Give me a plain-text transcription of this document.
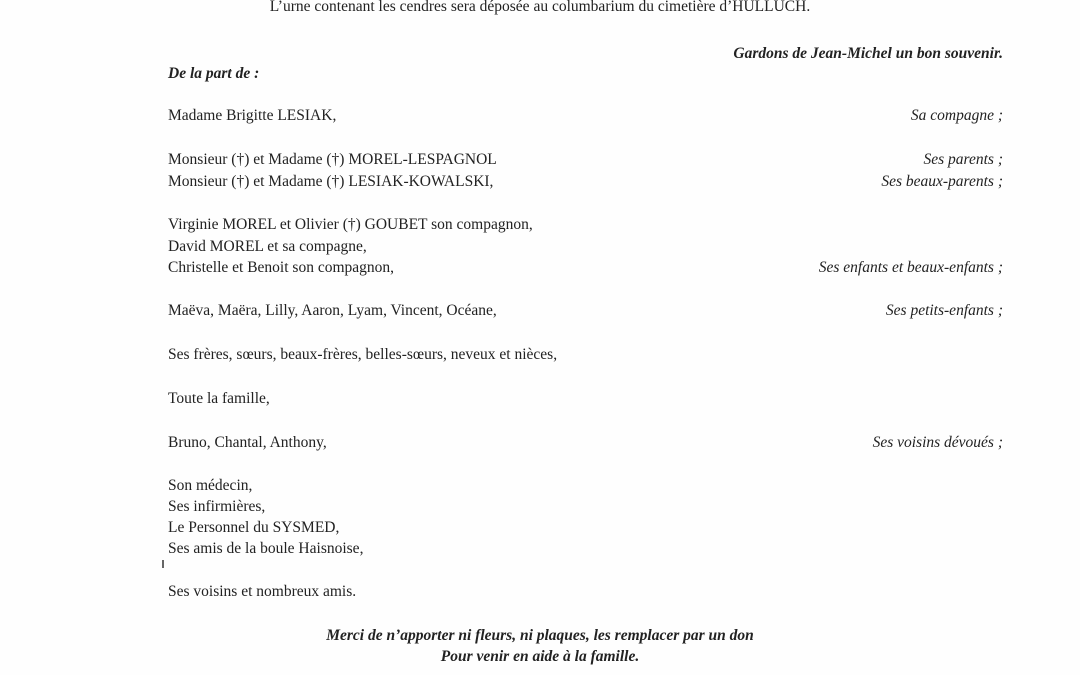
L’urne contenant les cendres sera déposée au columbarium du cimetière d’HULLUCH.
Gardons de Jean-Michel un bon souvenir.
De la part de :
Madame Brigitte LESIAK,	Sa compagne ;
Monsieur (†) et Madame (†) MOREL-LESPAGNOL	Ses parents ;
Monsieur (†) et Madame (†) LESIAK-KOWALSKI,	Ses beaux-parents ;
Virginie MOREL et Olivier (†) GOUBET son compagnon,
David MOREL et sa compagne,
Christelle et Benoit son compagnon,	Ses enfants et beaux-enfants ;
Maëva, Maëra, Lilly, Aaron, Lyam, Vincent, Océane,	Ses petits-enfants ;
Ses frères, sœurs, beaux-frères, belles-sœurs, neveux et nièces,
Toute la famille,
Bruno, Chantal, Anthony,	Ses voisins dévoués ;
Son médecin,
Ses infirmières,
Le Personnel du SYSMED,
Ses amis de la boule Haisnoise,
Ses voisins et nombreux amis.
Merci de n’apporter ni fleurs, ni plaques, les remplacer par un don
Pour venir en aide à la famille.
